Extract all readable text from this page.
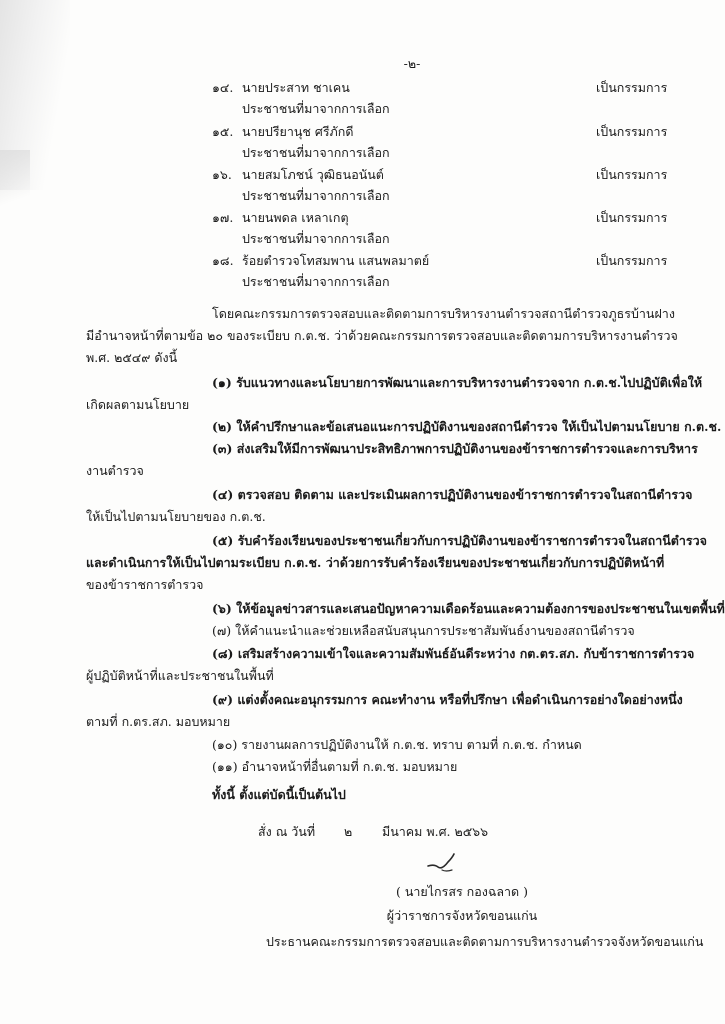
-๒-
๑๔. นายประสาท ชาเคน	เป็นกรรมการ
ประชาชนที่มาจากการเลือก
๑๕. นายปรียานุช ศรีภักดี	เป็นกรรมการ
ประชาชนที่มาจากการเลือก
๑๖. นายสมโภชน์ วุฒิธนอนันต์	เป็นกรรมการ
ประชาชนที่มาจากการเลือก
๑๗. นายนพดล เหลาเกตุ	เป็นกรรมการ
ประชาชนที่มาจากการเลือก
๑๘. ร้อยตำรวจโทสมพาน แสนพลมาตย์	เป็นกรรมการ
ประชาชนที่มาจากการเลือก
โดยคณะกรรมการตรวจสอบและติดตามการบริหารงานตำรวจสถานีตำรวจภูธรบ้านฝาง
มีอำนาจหน้าที่ตามข้อ ๒๐ ของระเบียบ ก.ต.ช. ว่าด้วยคณะกรรมการตรวจสอบและติดตามการบริหารงานตำรวจ
พ.ศ. ๒๕๔๙ ดังนี้
(๑) รับแนวทางและนโยบายการพัฒนาและการบริหารงานตำรวจจาก ก.ต.ช.ไปปฏิบัติเพื่อให้
เกิดผลตามนโยบาย
(๒) ให้คำปรึกษาและข้อเสนอแนะการปฏิบัติงานของสถานีตำรวจ ให้เป็นไปตามนโยบาย ก.ต.ช.
(๓) ส่งเสริมให้มีการพัฒนาประสิทธิภาพการปฏิบัติงานของข้าราชการตำรวจและการบริหาร
งานตำรวจ
(๔) ตรวจสอบ ติดตาม และประเมินผลการปฏิบัติงานของข้าราชการตำรวจในสถานีตำรวจ
ให้เป็นไปตามนโยบายของ ก.ต.ช.
(๕) รับคำร้องเรียนของประชาชนเกี่ยวกับการปฏิบัติงานของข้าราชการตำรวจในสถานีตำรวจ
และดำเนินการให้เป็นไปตามระเบียบ ก.ต.ช. ว่าด้วยการรับคำร้องเรียนของประชาชนเกี่ยวกับการปฏิบัติหน้าที่
ของข้าราชการตำรวจ
(๖) ให้ข้อมูลข่าวสารและเสนอปัญหาความเดือดร้อนและความต้องการของประชาชนในเขตพื้นที่
(๗) ให้คำแนะนำและช่วยเหลือสนับสนุนการประชาสัมพันธ์งานของสถานีตำรวจ
(๘) เสริมสร้างความเข้าใจและความสัมพันธ์อันดีระหว่าง กต.ตร.สภ. กับข้าราชการตำรวจ
ผู้ปฏิบัติหน้าที่และประชาชนในพื้นที่
(๙) แต่งตั้งคณะอนุกรรมการ คณะทำงาน หรือที่ปรึกษา เพื่อดำเนินการอย่างใดอย่างหนึ่ง
ตามที่ ก.ตร.สภ. มอบหมาย
(๑๐) รายงานผลการปฏิบัติงานให้ ก.ต.ช. ทราบ ตามที่ ก.ต.ช. กำหนด
(๑๑) อำนาจหน้าที่อื่นตามที่ ก.ต.ช. มอบหมาย
ทั้งนี้ ตั้งแต่บัดนี้เป็นต้นไป
สั่ง ณ วันที่ ๒ มีนาคม พ.ศ. ๒๕๖๖
( นายไกรสร กองฉลาด )
ผู้ว่าราชการจังหวัดขอนแก่น
ประธานคณะกรรมการตรวจสอบและติดตามการบริหารงานตำรวจจังหวัดขอนแก่น
